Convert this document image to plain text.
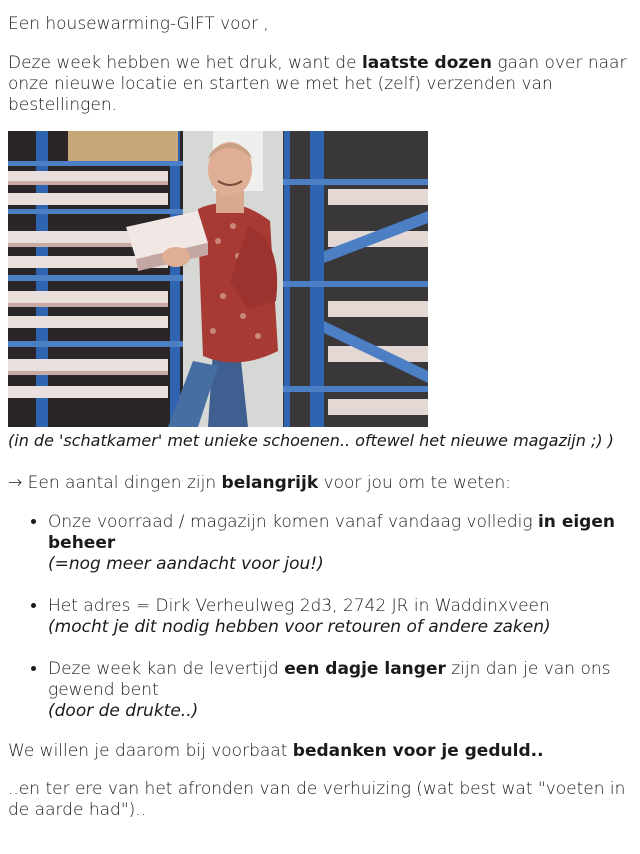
Een housewarming-GIFT voor ,

Deze week hebben we het druk, want de laatste dozen gaan over naar onze nieuwe locatie en starten we met het (zelf) verzenden van bestellingen.

(in de 'schatkamer' met unieke schoenen.. oftewel het nieuwe magazijn ;) )

→ Een aantal dingen zijn belangrijk voor jou om te weten:

• Onze voorraad / magazijn komen vanaf vandaag volledig in eigen beheer
(=nog meer aandacht voor jou!)
• Het adres = Dirk Verheulweg 2d3, 2742 JR in Waddinxveen
(mocht je dit nodig hebben voor retouren of andere zaken)
• Deze week kan de levertijd een dagje langer zijn dan je van ons gewend bent
(door de drukte..)

We willen je daarom bij voorbaat bedanken voor je geduld..

..en ter ere van het afronden van de verhuizing (wat best wat "voeten in de aarde had")..
